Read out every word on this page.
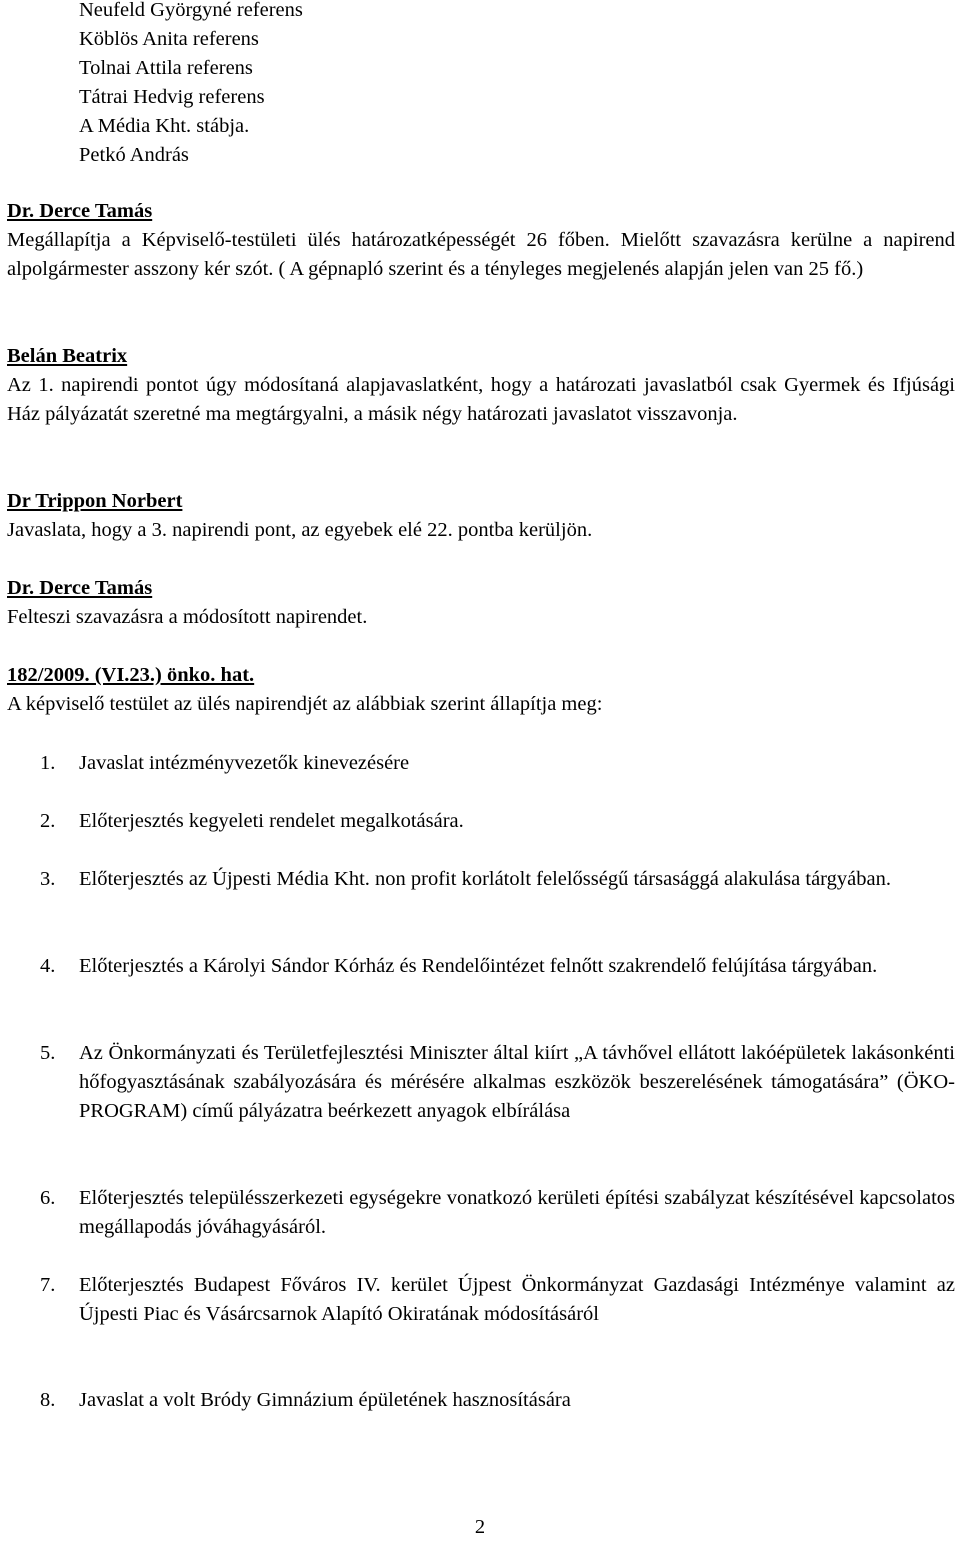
Neufeld Györgyné referens
Köblös Anita referens
Tolnai Attila referens
Tátrai Hedvig referens
A Média Kht. stábja.
Petkó András
Dr. Derce Tamás
Megállapítja a Képviselő-testületi ülés határozatképességét 26 főben. Mielőtt szavazásra kerülne a napirend alpolgármester asszony kér szót. ( A gépnapló szerint és a tényleges megjelenés alapján jelen van 25 fő.)
Belán Beatrix
Az 1. napirendi pontot úgy módosítaná alapjavaslatként, hogy a határozati javaslatból csak Gyermek és Ifjúsági Ház pályázatát szeretné ma megtárgyalni, a másik négy határozati javaslatot visszavonja.
Dr Trippon Norbert
Javaslata, hogy a 3. napirendi pont, az egyebek elé 22. pontba kerüljön.
Dr. Derce Tamás
Felteszi szavazásra a módosított napirendet.
182/2009. (VI.23.) önko. hat.
A képviselő testület az ülés napirendjét az alábbiak szerint állapítja meg:
1.	Javaslat intézményvezetők kinevezésére
2.	Előterjesztés kegyeleti rendelet megalkotására.
3.	Előterjesztés az Újpesti Média Kht. non profit korlátolt felelősségű társasággá alakulása tárgyában.
4.	Előterjesztés a Károlyi Sándor Kórház és Rendelőintézet felnőtt szakrendelő felújítása tárgyában.
5.	Az Önkormányzati és Területfejlesztési Miniszter által kiírt „A távhővel ellátott lakóépületek lakásonkénti hőfogyasztásának szabályozására és mérésére alkalmas eszközök beszerelésének támogatására” (ÖKO-PROGRAM) című pályázatra beérkezett anyagok elbírálása
6.	Előterjesztés településszerkezeti egységekre vonatkozó kerületi építési szabályzat készítésével kapcsolatos megállapodás jóváhagyásáról.
7.	Előterjesztés Budapest Főváros IV. kerület Újpest Önkormányzat Gazdasági Intézménye valamint az Újpesti Piac és Vásárcsarnok Alapító Okiratának módosításáról
8.	Javaslat a volt Bródy Gimnázium épületének hasznosítására
2
